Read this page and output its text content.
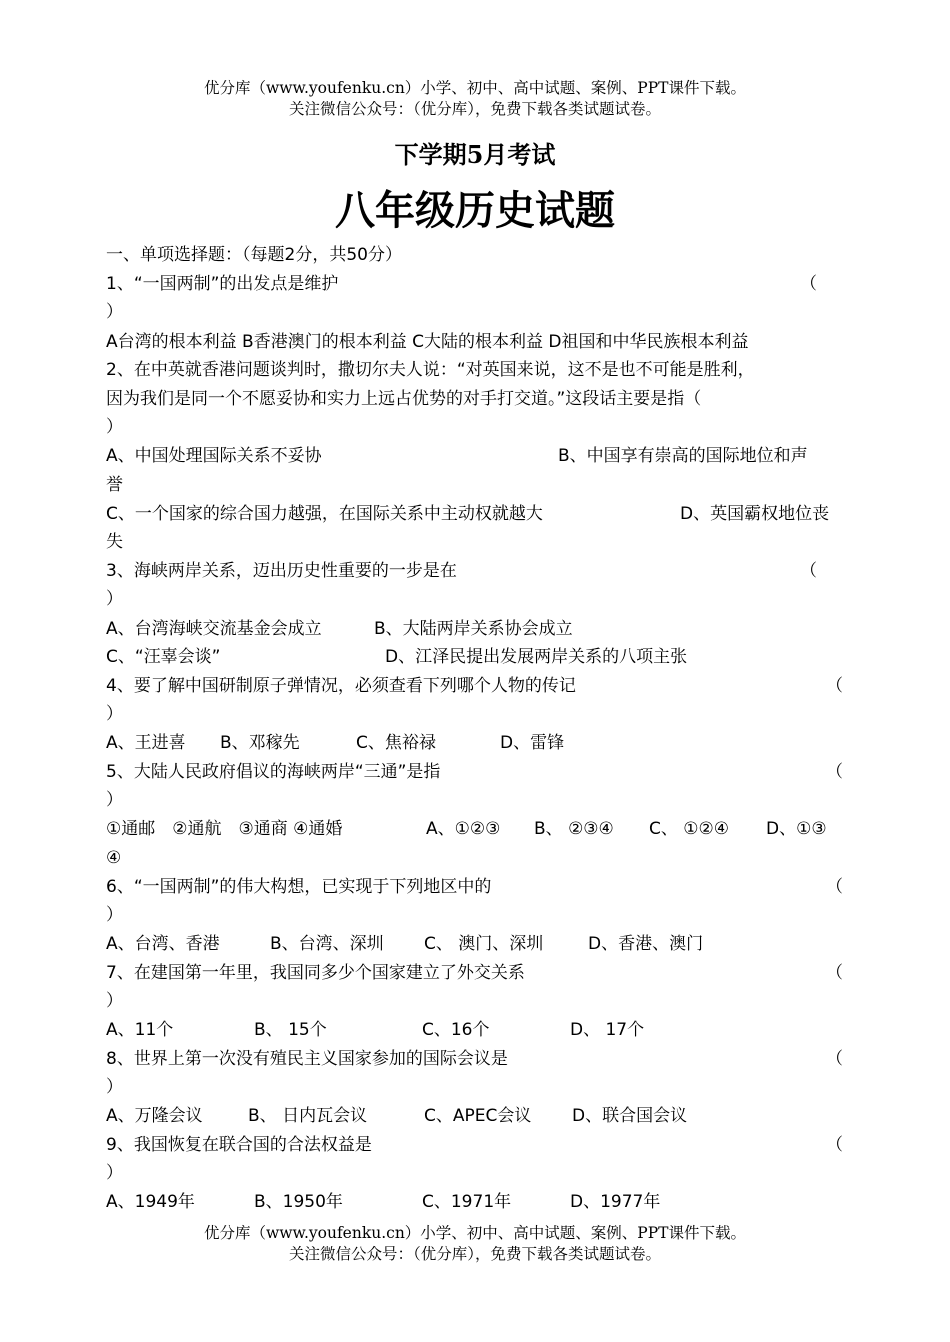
优分库（www.youfenku.cn）小学、初中、高中试题、案例、PPT课件下载。
关注微信公众号：（优分库），免费下载各类试题试卷。
下学期5月考试
八年级历史试题
一、单项选择题：（每题2分，共50分）
1、“一国两制”的出发点是维护	（
）
A台湾的根本利益 B香港澳门的根本利益 C大陆的根本利益 D祖国和中华民族根本利益
2、在中英就香港问题谈判时，撒切尔夫人说：“对英国来说，这不是也不可能是胜利，
因为我们是同一个不愿妥协和实力上远占优势的对手打交道。”这段话主要是指（
）
A、中国处理国际关系不妥协	B、中国享有崇高的国际地位和声
誉
C、一个国家的综合国力越强，在国际关系中主动权就越大	D、英国霸权地位丧
失
3、海峡两岸关系，迈出历史性重要的一步是在	（
）
A、台湾海峡交流基金会成立	B、大陆两岸关系协会成立
C、“汪辜会谈”	D、江泽民提出发展两岸关系的八项主张
4、要了解中国研制原子弹情况，必须查看下列哪个人物的传记	（
）
A、王进喜 B、邓稼先	C、焦裕禄	D、雷锋
5、大陆人民政府倡议的海峡两岸“三通”是指	（
）
①通邮　②通航　③通商 ④通婚	A、①②③ B、 ②③④ C、 ①②④ D、①③
④
6、“一国两制”的伟大构想，已实现于下列地区中的	（
）
A、台湾、香港	B、台湾、深圳 C、 澳门、深圳	D、香港、澳门
7、在建国第一年里，我国同多少个国家建立了外交关系	（
）
A、11个	B、 15个	C、16个	D、 17个
8、世界上第一次没有殖民主义国家参加的国际会议是	（
）
A、万隆会议	B、 日内瓦会议	C、APEC会议 D、联合国会议
9、我国恢复在联合国的合法权益是	（
）
A、1949年	B、1950年	C、1971年	D、1977年
优分库（www.youfenku.cn）小学、初中、高中试题、案例、PPT课件下载。
关注微信公众号：（优分库），免费下载各类试题试卷。
